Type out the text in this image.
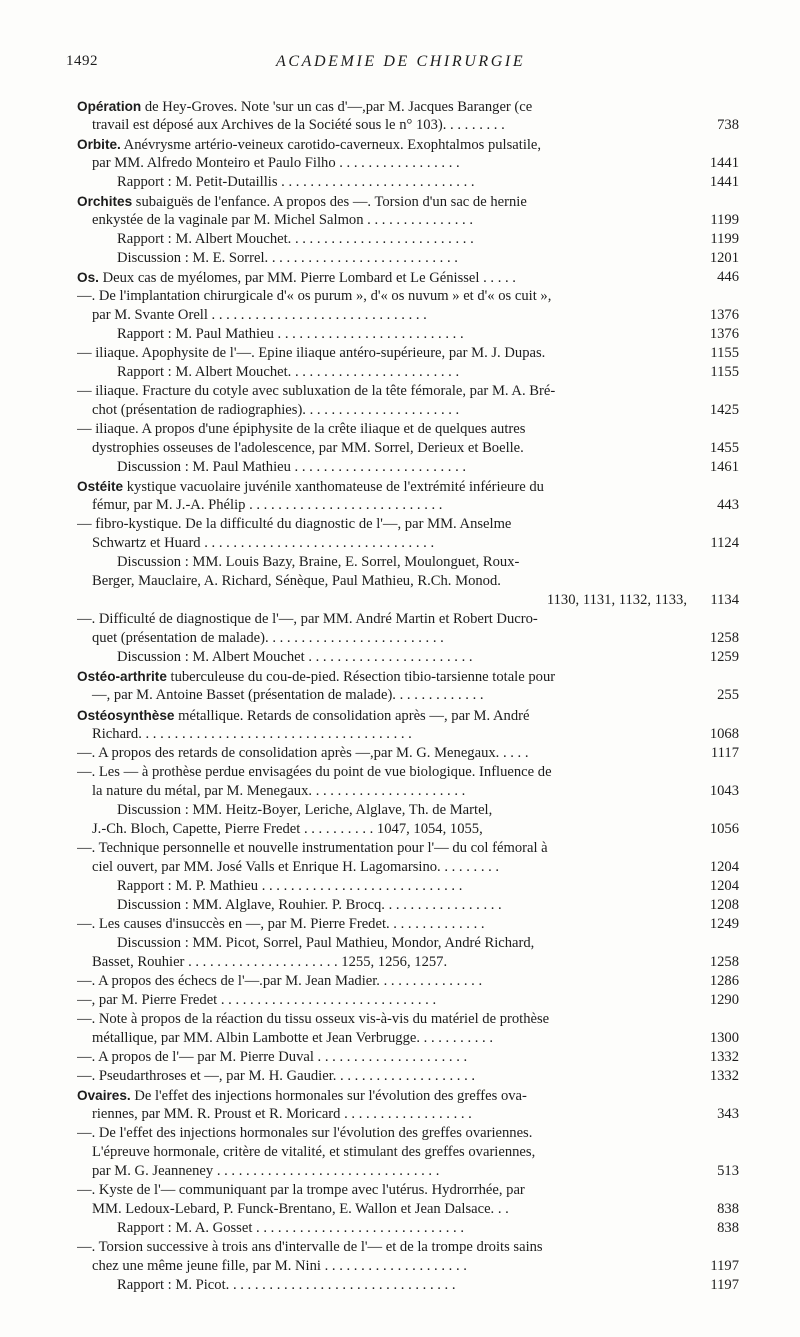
1492	ACADEMIE DE CHIRURGIE
Opération de Hey-Groves. Note 'sur un cas d'—,par M. Jacques Baranger (ce
travail est déposé aux Archives de la Société sous le n° 103). . . . . . . . .	738
Orbite. Anévrysme artério-veineux carotido-caverneux. Exophtalmos pulsatile,
par MM. Alfredo Monteiro et Paulo Filho . . . . . . . . . . . . . . . . .	1441
Rapport : M. Petit-Dutaillis . . . . . . . . . . . . . . . . . . . . . . . . . . .	1441
Orchites subaiguës de l'enfance. A propos des —. Torsion d'un sac de hernie
enkystée de la vaginale par M. Michel Salmon . . . . . . . . . . . . . . .	1199
Rapport : M. Albert Mouchet. . . . . . . . . . . . . . . . . . . . . . . . . .	1199
Discussion : M. E. Sorrel. . . . . . . . . . . . . . . . . . . . . . . . . . .	1201
Os. Deux cas de myélomes, par MM. Pierre Lombard et Le Génissel . . . . .	446
—. De l'implantation chirurgicale d'« os purum », d'« os nuvum » et d'« os cuit »,
par M. Svante Orell . . . . . . . . . . . . . . . . . . . . . . . . . . . . . .	1376
Rapport : M. Paul Mathieu . . . . . . . . . . . . . . . . . . . . . . . . . .	1376
— iliaque. Apophysite de l'—. Epine iliaque antéro-supérieure, par M. J. Dupas.	1155
Rapport : M. Albert Mouchet. . . . . . . . . . . . . . . . . . . . . . . .	1155
— iliaque. Fracture du cotyle avec subluxation de la tête fémorale, par M. A. Bré-
chot (présentation de radiographies). . . . . . . . . . . . . . . . . . . . . .	1425
— iliaque. A propos d'une épiphysite de la crête iliaque et de quelques autres
dystrophies osseuses de l'adolescence, par MM. Sorrel, Derieux et Boelle.	1455
Discussion : M. Paul Mathieu . . . . . . . . . . . . . . . . . . . . . . . .	1461
Ostéite kystique vacuolaire juvénile xanthomateuse de l'extrémité inférieure du
fémur, par M. J.-A. Phélip . . . . . . . . . . . . . . . . . . . . . . . . . . .	443
— fibro-kystique. De la difficulté du diagnostic de l'—, par MM. Anselme
Schwartz et Huard . . . . . . . . . . . . . . . . . . . . . . . . . . . . . . . .	1124
Discussion : MM. Louis Bazy, Braine, E. Sorrel, Moulonguet, Roux-
Berger, Mauclaire, A. Richard, Sénèque, Paul Mathieu, R.Ch. Monod.
1130, 1131, 1132, 1133, 1134
—. Difficulté de diagnostique de l'—, par MM. André Martin et Robert Ducro-
quet (présentation de malade). . . . . . . . . . . . . . . . . . . . . . . . .	1258
Discussion : M. Albert Mouchet . . . . . . . . . . . . . . . . . . . . . . .	1259
Ostéo-arthrite tuberculeuse du cou-de-pied. Résection tibio-tarsienne totale pour
—, par M. Antoine Basset (présentation de malade). . . . . . . . . . . . .	255
Ostéosynthèse métallique. Retards de consolidation après —, par M. André
Richard. . . . . . . . . . . . . . . . . . . . . . . . . . . . . . . . . . . . . .	1068
—. A propos des retards de consolidation après —,par M. G. Menegaux. . . . .	1117
—. Les — à prothèse perdue envisagées du point de vue biologique. Influence de
la nature du métal, par M. Menegaux. . . . . . . . . . . . . . . . . . . . . .	1043
Discussion : MM. Heitz-Boyer, Leriche, Alglave, Th. de Martel,
J.-Ch. Bloch, Capette, Pierre Fredet . . . . . . . . . . 1047, 1054, 1055,	1056
—. Technique personnelle et nouvelle instrumentation pour l'— du col fémoral à
ciel ouvert, par MM. José Valls et Enrique H. Lagomarsino. . . . . . . . .	1204
Rapport : M. P. Mathieu . . . . . . . . . . . . . . . . . . . . . . . . . . . .	1204
Discussion : MM. Alglave, Rouhier. P. Brocq. . . . . . . . . . . . . . . . .	1208
—. Les causes d'insuccès en —, par M. Pierre Fredet. . . . . . . . . . . . . .	1249
Discussion : MM. Picot, Sorrel, Paul Mathieu, Mondor, André Richard,
Basset, Rouhier . . . . . . . . . . . . . . . . . . . . . 1255, 1256, 1257.	1258
—. A propos des échecs de l'—.par M. Jean Madier. . . . . . . . . . . . . . .	1286
—, par M. Pierre Fredet . . . . . . . . . . . . . . . . . . . . . . . . . . . . . .	1290
—. Note à propos de la réaction du tissu osseux vis-à-vis du matériel de prothèse
métallique, par MM. Albin Lambotte et Jean Verbrugge. . . . . . . . . . .	1300
—. A propos de l'— par M. Pierre Duval . . . . . . . . . . . . . . . . . . . . .	1332
—. Pseudarthroses et —, par M. H. Gaudier. . . . . . . . . . . . . . . . . . . .	1332
Ovaires. De l'effet des injections hormonales sur l'évolution des greffes ova-
riennes, par MM. R. Proust et R. Moricard . . . . . . . . . . . . . . . . . .	343
—. De l'effet des injections hormonales sur l'évolution des greffes ovariennes.
L'épreuve hormonale, critère de vitalité, et stimulant des greffes ovariennes,
par M. G. Jeanneney . . . . . . . . . . . . . . . . . . . . . . . . . . . . . . .	513
—. Kyste de l'— communiquant par la trompe avec l'utérus. Hydrorrhée, par
MM. Ledoux-Lebard, P. Funck-Brentano, E. Wallon et Jean Dalsace. . .	838
Rapport : M. A. Gosset . . . . . . . . . . . . . . . . . . . . . . . . . . . . .	838
—. Torsion successive à trois ans d'intervalle de l'— et de la trompe droits sains
chez une même jeune fille, par M. Nini . . . . . . . . . . . . . . . . . . . .	1197
Rapport : M. Picot. . . . . . . . . . . . . . . . . . . . . . . . . . . . . . . .	1197
